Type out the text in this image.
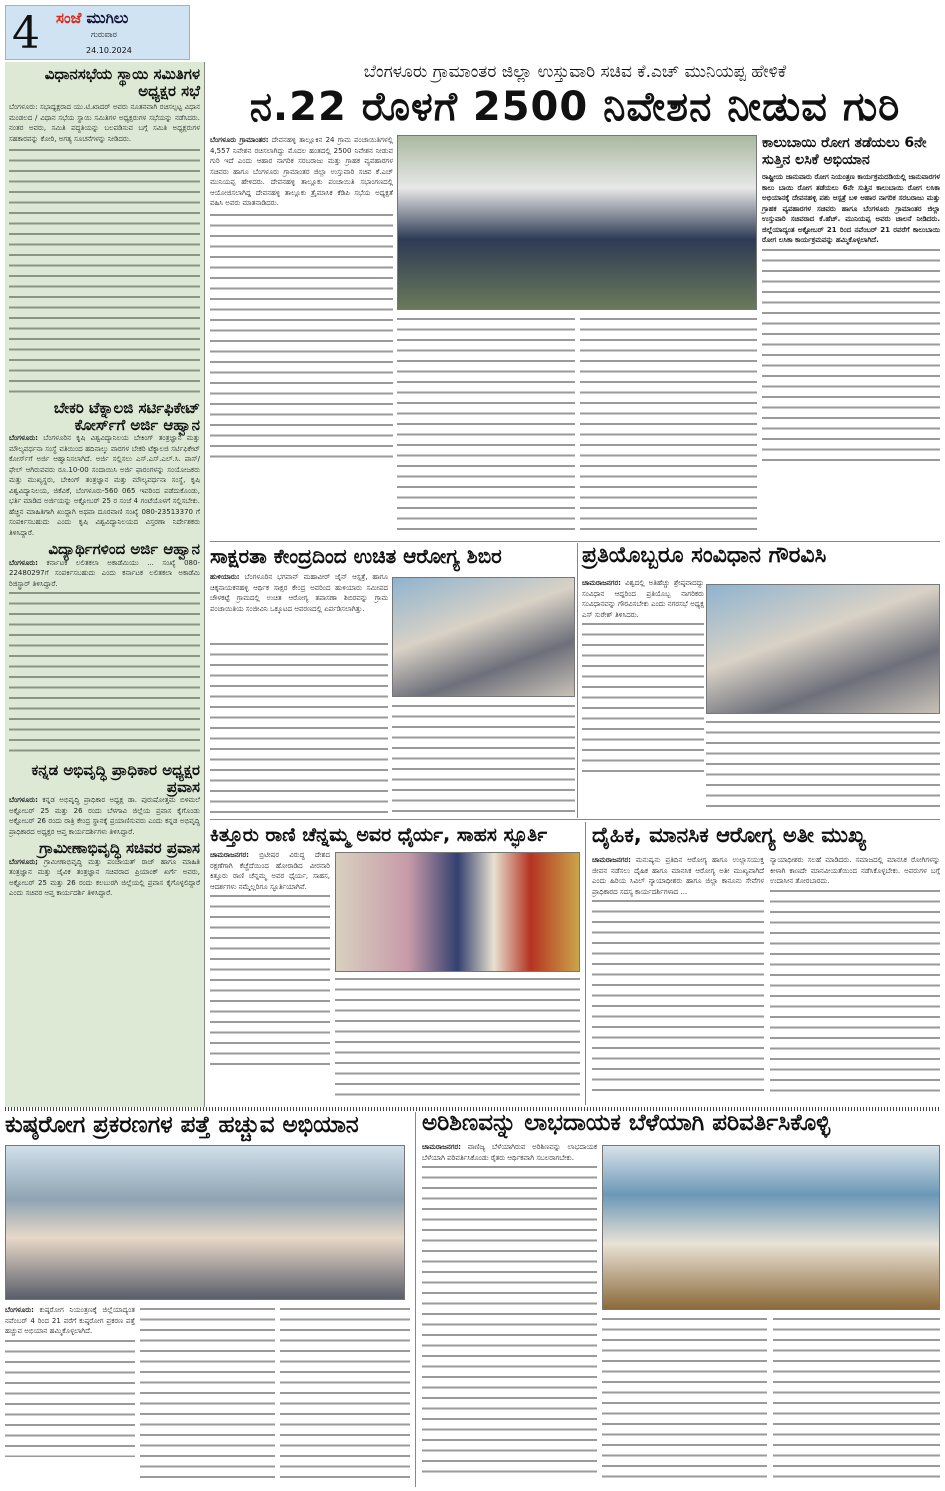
4 ಸಂಜೆ ಮುಗಿಲು
ಗುರುವಾರ
24.10.2024
ವಿಧಾನಸಭೆಯ ಸ್ಥಾಯಿ ಸಮಿತಿಗಳ ಅಧ್ಯಕ್ಷರ ಸಭೆ
ಬೆಂಗಳೂರು: ಸಭಾಧ್ಯಕ್ಷರಾದ ಯು.ಟಿ.ಖಾದರ್ ಅವರು ನೂತನವಾಗಿ ರಚಿಸಲ್ಪಟ್ಟ ವಿಧಾನ ಮಂಡಲದ / ವಿಧಾನ ಸಭೆಯ ಸ್ಥಾಯಿ ಸಮಿತಿಗಳ ಅಧ್ಯಕ್ಷರುಗಳ ಸಭೆಯನ್ನು ನಡೆಸಿದರು. ನಂತರ ಅವರು, ಸಮಿತಿ ಪದ್ಧತಿಯನ್ನು ಬಲಪಡಿಸುವ ಬಗ್ಗೆ ಸಮಿತಿ ಅಧ್ಯಕ್ಷರುಗಳ ಸಹಕಾರವನ್ನು ಕೋರಿ, ಅಗತ್ಯ ಸೂಚನೆಗಳನ್ನು ನೀಡಿದರು.
ಬೇಕರಿ ಟೆಕ್ನಾಲಜಿ ಸರ್ಟಿಫಿಕೇಟ್ ಕೋರ್ಸ್‌ಗೆ ಅರ್ಜಿ ಆಹ್ವಾನ
ಬೆಂಗಳೂರು: ಬೆಂಗಳೂರಿನ ಕೃಷಿ ವಿಶ್ವವಿದ್ಯಾನಿಲಯ ಬೇಕಿಂಗ್ ತಂತ್ರಜ್ಞಾನ ಮತ್ತು ಮೌಲ್ಯವರ್ಧನಾ ಸಂಸ್ಥೆ ವತಿಯಿಂದ ಹದಿನಾಲ್ಕು ವಾರಗಳ ಬೇಕರಿ ಟೆಕ್ನಾಲಜಿ ಸರ್ಟಿಫಿಕೇಟ್ ಕೋರ್ಸ್‌ಗೆ ಅರ್ಜಿ ಆಹ್ವಾನಿಸಲಾಗಿದೆ. ಅರ್ಜಿ ಸಲ್ಲಿಸಲು ಎಸ್.ಎಸ್.ಎಲ್.ಸಿ. ಪಾಸ್/ಫೇಲ್ ಆಗಿರುವವರು ರೂ.10-00 ಸಂದಾಯಿಸಿ ಅರ್ಜಿ ಫಾರಂಗಳನ್ನು ಸಂಯೋಜಕರು ಮತ್ತು ಮುಖ್ಯಸ್ಥರು, ಬೇಕಿಂಗ್ ತಂತ್ರಜ್ಞಾನ ಮತ್ತು ಮೌಲ್ಯವರ್ಧನಾ ಸಂಸ್ಥೆ, ಕೃಷಿ ವಿಶ್ವವಿದ್ಯಾನಿಲಯ, ಜಿಕೆವಿಕೆ, ಬೆಂಗಳೂರು-560 065 ಇವರಿಂದ ಪಡೆದುಕೊಂಡು, ಭರ್ತಿ ಮಾಡಿದ ಅರ್ಜಿಯನ್ನು ಅಕ್ಟೋಬರ್ 25 ರ ಸಂಜೆ 4 ಗಂಟೆಯೊಳಗೆ ಸಲ್ಲಿಸಬೇಕು. ಹೆಚ್ಚಿನ ಮಾಹಿತಿಗಾಗಿ ಖುದ್ದಾಗಿ ಅಥವಾ ದೂರವಾಣಿ ಸಂಖ್ಯೆ 080-23513370 ಗೆ ಸಂಪರ್ಕಿಸಬಹುದು ಎಂದು ಕೃಷಿ ವಿಶ್ವವಿದ್ಯಾನಿಲಯದ ವಿಸ್ತರಣಾ ನಿರ್ದೇಶಕರು ತಿಳಿಸಿದ್ದಾರೆ.
ವಿದ್ಯಾರ್ಥಿಗಳಿಂದ ಅರ್ಜಿ ಆಹ್ವಾನ
ಬೆಂಗಳೂರು: ಕರ್ನಾಟಕ ಲಲಿತಕಲಾ ಅಕಾಡೆಮಿಯು ... ಸಂಖ್ಯೆ 080-22480297ಗೆ ಸಂಪರ್ಕಿಸಬಹುದು ಎಂದು ಕರ್ನಾಟಕ ಲಲಿತಕಲಾ ಅಕಾಡೆಮಿ ರಿಜಿಸ್ಟ್ರಾರ್ ತಿಳಿಸಿದ್ದಾರೆ.
ಕನ್ನಡ ಅಭಿವೃದ್ಧಿ ಪ್ರಾಧಿಕಾರ ಅಧ್ಯಕ್ಷರ ಪ್ರವಾಸ
ಬೆಂಗಳೂರು: ಕನ್ನಡ ಅಭಿವೃದ್ಧಿ ಪ್ರಾಧಿಕಾರ ಅಧ್ಯಕ್ಷ ಡಾ. ಪುರುಷೋತ್ತಮ ಬಿಳಿಮಲೆ ಅಕ್ಟೋಬರ್ 25 ಮತ್ತು 26 ರಂದು ಬೆಳಗಾವಿ ಜಿಲ್ಲೆಯ ಪ್ರವಾಸ ಕೈಗೊಂಡು ಅಕ್ಟೋಬರ್ 26 ರಂದು ರಾತ್ರಿ ಕೇಂದ್ರ ಸ್ಥಾನಕ್ಕೆ ಪ್ರಯಾಣಿಸುವರು ಎಂದು ಕನ್ನಡ ಅಭಿವೃದ್ಧಿ ಪ್ರಾಧಿಕಾರದ ಅಧ್ಯಕ್ಷರ ಆಪ್ತ ಕಾರ್ಯದರ್ಶಿಗಳು ತಿಳಿಸಿದ್ದಾರೆ.
ಗ್ರಾಮೀಣಾಭಿವೃದ್ಧಿ ಸಚಿವರ ಪ್ರವಾಸ
ಬೆಂಗಳೂರು; ಗ್ರಾಮೀಣಾಭಿವೃದ್ಧಿ ಮತ್ತು ಪಂಚಾಯತ್ ರಾಜ್ ಹಾಗೂ ಮಾಹಿತಿ ತಂತ್ರಜ್ಞಾನ ಮತ್ತು ಜೈವಿಕ ತಂತ್ರಜ್ಞಾನ ಸಚಿವರಾದ ಪ್ರಿಯಾಂಕ್ ಖರ್ಗೆ ಅವರು, ಅಕ್ಟೋಬರ್ 25 ಮತ್ತು 26 ರಂದು ಕಲಬುರಗಿ ಜಿಲ್ಲೆಯಲ್ಲಿ ಪ್ರವಾಸ ಕೈಗೊಳ್ಳಲಿದ್ದಾರೆ ಎಂದು ಸಚಿವರ ಆಪ್ತ ಕಾರ್ಯದರ್ಶಿ ತಿಳಿಸಿದ್ದಾರೆ.
ಬೆಂಗಳೂರು ಗ್ರಾಮಾಂತರ ಜಿಲ್ಲಾ ಉಸ್ತುವಾರಿ ಸಚಿವ ಕೆ.ಎಚ್ ಮುನಿಯಪ್ಪ ಹೇಳಿಕೆ
ನ.22 ರೊಳಗೆ 2500 ನಿವೇಶನ ನೀಡುವ ಗುರಿ
ಬೆಂಗಳೂರು ಗ್ರಾಮಾಂತರ: ದೇವನಹಳ್ಳಿ ತಾಲ್ಲೂಕಿನ 24 ಗ್ರಾಮ ಪಂಚಾಯಿತಿಗಳಲ್ಲಿ 4,557 ನಿವೇಶನ ರಚಿಸಲಾಗಿದ್ದು ಮೊದಲ ಹಂತದಲ್ಲಿ 2500 ನಿವೇಶನ ನೀಡುವ ಗುರಿ ಇದೆ ಎಂದು ಆಹಾರ ನಾಗರಿಕ ಸರಬರಾಜು ಮತ್ತು ಗ್ರಾಹಕ ವ್ಯವಹಾರಗಳ ಸಚಿವರು ಹಾಗೂ ಬೆಂಗಳೂರು ಗ್ರಾಮಾಂತರ ಜಿಲ್ಲಾ ಉಸ್ತುವಾರಿ ಸಚಿವ ಕೆ.ಎಚ್ ಮುನಿಯಪ್ಪ ಹೇಳಿದರು. ದೇವನಹಳ್ಳಿ ತಾಲ್ಲೂಕು ಪಂಚಾಯಿತಿ ಸಭಾಂಗಣದಲ್ಲಿ ಆಯೋಜಿಸಲಾಗಿದ್ದ ದೇವನಹಳ್ಳಿ ತಾಲ್ಲೂಕು ತ್ರೈಮಾಸಿಕ ಕೆಡಿಪಿ ಸಭೆಯ ಅಧ್ಯಕ್ಷತೆ ವಹಿಸಿ ಅವರು ಮಾತನಾಡಿದರು.
ಕಾಲುಬಾಯಿ ರೋಗ ತಡೆಯಲು 6ನೇ ಸುತ್ತಿನ ಲಸಿಕೆ ಅಭಿಯಾನ
ರಾಷ್ಟ್ರೀಯ ಜಾನುವಾರು ರೋಗ ನಿಯಂತ್ರಣ ಕಾರ್ಯಕ್ರಮದಡಿಯಲ್ಲಿ ಜಾನುವಾರಗಳ ಕಾಲು ಬಾಯಿ ರೋಗ ತಡೆಯಲು 6ನೇ ಸುತ್ತಿನ ಕಾಲುಬಾಯಿ ರೋಗ ಲಸಿಕಾ ಅಭಿಯಾನಕ್ಕೆ ದೇವನಹಳ್ಳಿ ಪಶು ಆಸ್ಪತ್ರೆ ಬಳಿ ಆಹಾರ ನಾಗರಿಕ ಸರಬರಾಜು ಮತ್ತು ಗ್ರಾಹಕ ವ್ಯವಹಾರಗಳ ಸಚಿವರು ಹಾಗೂ ಬೆಂಗಳೂರು ಗ್ರಾಮಾಂತರ ಜಿಲ್ಲಾ ಉಸ್ತುವಾರಿ ಸಚಿವರಾದ ಕೆ.ಹೆಚ್. ಮುನಿಯಪ್ಪ ಅವರು ಚಾಲನೆ ನೀಡಿದರು. ಜಿಲ್ಲೆಯಾದ್ಯಂತ ಅಕ್ಟೋಬರ್ 21 ರಿಂದ ನವೆಂಬರ್ 21 ರವರೆಗೆ ಕಾಲುಬಾಯಿ ರೋಗ ಲಸಿಕಾ ಕಾರ್ಯಕ್ರಮವನ್ನು ಹಮ್ಮಿಕೊಳ್ಳಲಾಗಿದೆ.
ಸಾಕ್ಷರತಾ ಕೇಂದ್ರದಿಂದ ಉಚಿತ ಆರೋಗ್ಯ ಶಿಬಿರ
ಹುಳಿಯಾರು: ಬೆಂಗಳೂರಿನ ಭಗವಾನ್ ಮಹಾವೀರ್ ಜೈನ್ ಆಸ್ಪತ್ರೆ, ಹಾಗೂ ಚಿಕ್ಕನಾಯಕನಹಳ್ಳಿ ಆರ್ಥಿಕ ಸಾಕ್ಷರ ಕೇಂದ್ರ ಅವರಿಂದ ಹುಳಿಯಾರು ಸಮೀಪದ ಚೌಳಕಟ್ಟೆ ಗ್ರಾಮದಲ್ಲಿ ಉಚಿತ ಆರೋಗ್ಯ ತಪಾಸಣಾ ಶಿಬಿರವನ್ನು ಗ್ರಾಮ ಪಂಚಾಯಿತಿಯ ಸಂಜೀವಿನಿ ಒಕ್ಕೂಟದ ಆವರಣದಲ್ಲಿ ಏರ್ಪಡಿಸಲಾಗಿತ್ತು.
ಪ್ರತಿಯೊಬ್ಬರೂ ಸಂವಿಧಾನ ಗೌರವಿಸಿ
ಚಾಮರಾಜನಗರ: ವಿಶ್ವದಲ್ಲಿ ಅತಿಹೆಚ್ಚು ಶ್ರೇಷ್ಠವಾದದ್ದು ಸಂವಿಧಾನ ಆದ್ದರಿಂದ ಪ್ರತಿಯೊಬ್ಬ ನಾಗರಿಕರು ಸಂವಿಧಾನವನ್ನು ಗೌರವಿಸಬೇಕು ಎಂದು ನಗರಸಭೆ ಅಧ್ಯಕ್ಷ ಎಸ್ ಸುರೇಶ್ ತಿಳಿಸಿದರು.
ಕಿತ್ತೂರು ರಾಣಿ ಚೆನ್ನಮ್ಮ ಅವರ ಧೈರ್ಯ, ಸಾಹಸ ಸ್ಫೂರ್ತಿ
ಚಾಮರಾಜನಗರ: ಬ್ರಿಟೀಷರ ವಿರುದ್ಧ ದೇಶದ ರಕ್ಷಣೆಗಾಗಿ ಕೆಚ್ಚೆದೆಯಿಂದ ಹೋರಾಡಿದ ವೀರನಾರಿ ಕಿತ್ತೂರು ರಾಣಿ ಚೆನ್ನಮ್ಮ ಅವರ ಧೈರ್ಯ, ಸಾಹಸ, ಆದರ್ಶಗಳು ನಮ್ಮೆಲ್ಲರಿಗೂ ಸ್ಫೂರ್ತಿಯಾಗಿವೆ.
ದೈಹಿಕ, ಮಾನಸಿಕ ಆರೋಗ್ಯ ಅತೀ ಮುಖ್ಯ
ಚಾಮರಾಜನಗರ: ಮನುಷ್ಯನು ಪ್ರತಿದಿನ ಆರೋಗ್ಯ ಹಾಗೂ ಉಲ್ಲಾಸಯುಕ್ತ ಜೀವನ ನಡೆಸಲು ದೈಹಿಕ ಹಾಗೂ ಮಾನಸಿಕ ಆರೋಗ್ಯ ಅತೀ ಮುಖ್ಯವಾಗಿದೆ ಎಂದು ಹಿರಿಯ ಸಿವಿಲ್ ನ್ಯಾಯಾಧೀಶರು ಹಾಗೂ ಜಿಲ್ಲಾ ಕಾನೂನು ಸೇವೆಗಳ ಪ್ರಾಧಿಕಾರದ ಸದಸ್ಯ ಕಾರ್ಯದರ್ಶಿಗಳಾದ ...
ನ್ಯಾಯಾಧೀಶರು ಸಲಹೆ ಮಾಡಿದರು. ಸಮಾಜದಲ್ಲಿ ಮಾನಸಿಕ ರೋಗಿಗಳನ್ನು ಕೀಳಾಗಿ ಕಾಣದೇ ಮಾನವೀಯತೆಯಿಂದ ನಡೆಸಿಕೊಳ್ಳಬೇಕು. ಅವರುಗಳ ಬಗ್ಗೆ ಉದಾಸೀನ ತೋರಬಾರದು.
ಕುಷ್ಠರೋಗ ಪ್ರಕರಣಗಳ ಪತ್ತೆ ಹಚ್ಚುವ ಅಭಿಯಾನ
ಬೆಂಗಳೂರು: ಕುಷ್ಠರೋಗ ನಿಯಂತ್ರಣಕ್ಕೆ ಜಿಲ್ಲೆಯಾದ್ಯಂತ ನವೆಂಬರ್ 4 ರಿಂದ 21 ವರೆಗೆ ಕುಷ್ಠರೋಗ ಪ್ರಕರಣ ಪತ್ತೆ ಹಚ್ಚುವ ಅಭಿಯಾನ ಹಮ್ಮಿಕೊಳ್ಳಲಾಗಿದೆ.
ಅರಿಶಿಣವನ್ನು ಲಾಭದಾಯಕ ಬೆಳೆಯಾಗಿ ಪರಿವರ್ತಿಸಿಕೊಳ್ಳಿ
ಚಾಮರಾಜನಗರ: ವಾಣಿಜ್ಯ ಬೆಳೆಯಾಗಿರುವ ಅರಿಶಿಣವನ್ನು ಲಾಭದಾಯಕ ಬೆಳೆಯಾಗಿ ಪರಿವರ್ತಿಸಿಕೊಂಡು ರೈತರು ಆರ್ಥಿಕವಾಗಿ ಸಬಲರಾಗಬೇಕು.
